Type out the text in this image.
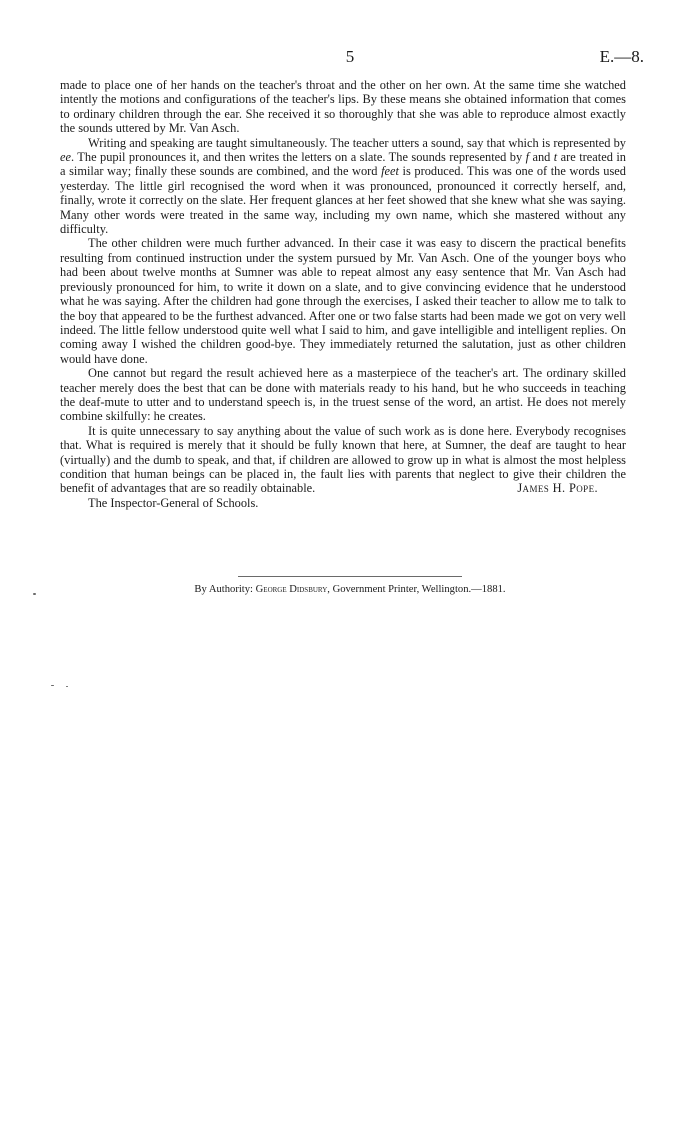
5	E.—8.

made to place one of her hands on the teacher's throat and the other on her own. At the same time she watched intently the motions and configurations of the teacher's lips. By these means she obtained information that comes to ordinary children through the ear. She received it so thoroughly that she was able to reproduce almost exactly the sounds uttered by Mr. Van Asch.

Writing and speaking are taught simultaneously. The teacher utters a sound, say that which is represented by ee. The pupil pronounces it, and then writes the letters on a slate. The sounds represented by f and t are treated in a similar way; finally these sounds are combined, and the word feet is produced. This was one of the words used yesterday. The little girl recognised the word when it was pronounced, pronounced it correctly herself, and, finally, wrote it correctly on the slate. Her frequent glances at her feet showed that she knew what she was saying. Many other words were treated in the same way, including my own name, which she mastered without any difficulty.

The other children were much further advanced. In their case it was easy to discern the practical benefits resulting from continued instruction under the system pursued by Mr. Van Asch. One of the younger boys who had been about twelve months at Sumner was able to repeat almost any easy sentence that Mr. Van Asch had previously pronounced for him, to write it down on a slate, and to give convincing evidence that he understood what he was saying. After the children had gone through the exercises, I asked their teacher to allow me to talk to the boy that appeared to be the furthest advanced. After one or two false starts had been made we got on very well indeed. The little fellow understood quite well what I said to him, and gave intelligible and intelligent replies. On coming away I wished the children good-bye. They immediately returned the salutation, just as other children would have done.

One cannot but regard the result achieved here as a masterpiece of the teacher's art. The ordinary skilled teacher merely does the best that can be done with materials ready to his hand, but he who succeeds in teaching the deaf-mute to utter and to understand speech is, in the truest sense of the word, an artist. He does not merely combine skilfully: he creates.

It is quite unnecessary to say anything about the value of such work as is done here. Everybody recognises that. What is required is merely that it should be fully known that here, at Sumner, the deaf are taught to hear (virtually) and the dumb to speak, and that, if children are allowed to grow up in what is almost the most helpless condition that human beings can be placed in, the fault lies with parents that neglect to give their children the benefit of advantages that are so readily obtainable.	James H. Pope.

The Inspector-General of Schools.

By Authority: George Didsbury, Government Printer, Wellington.—1881.
